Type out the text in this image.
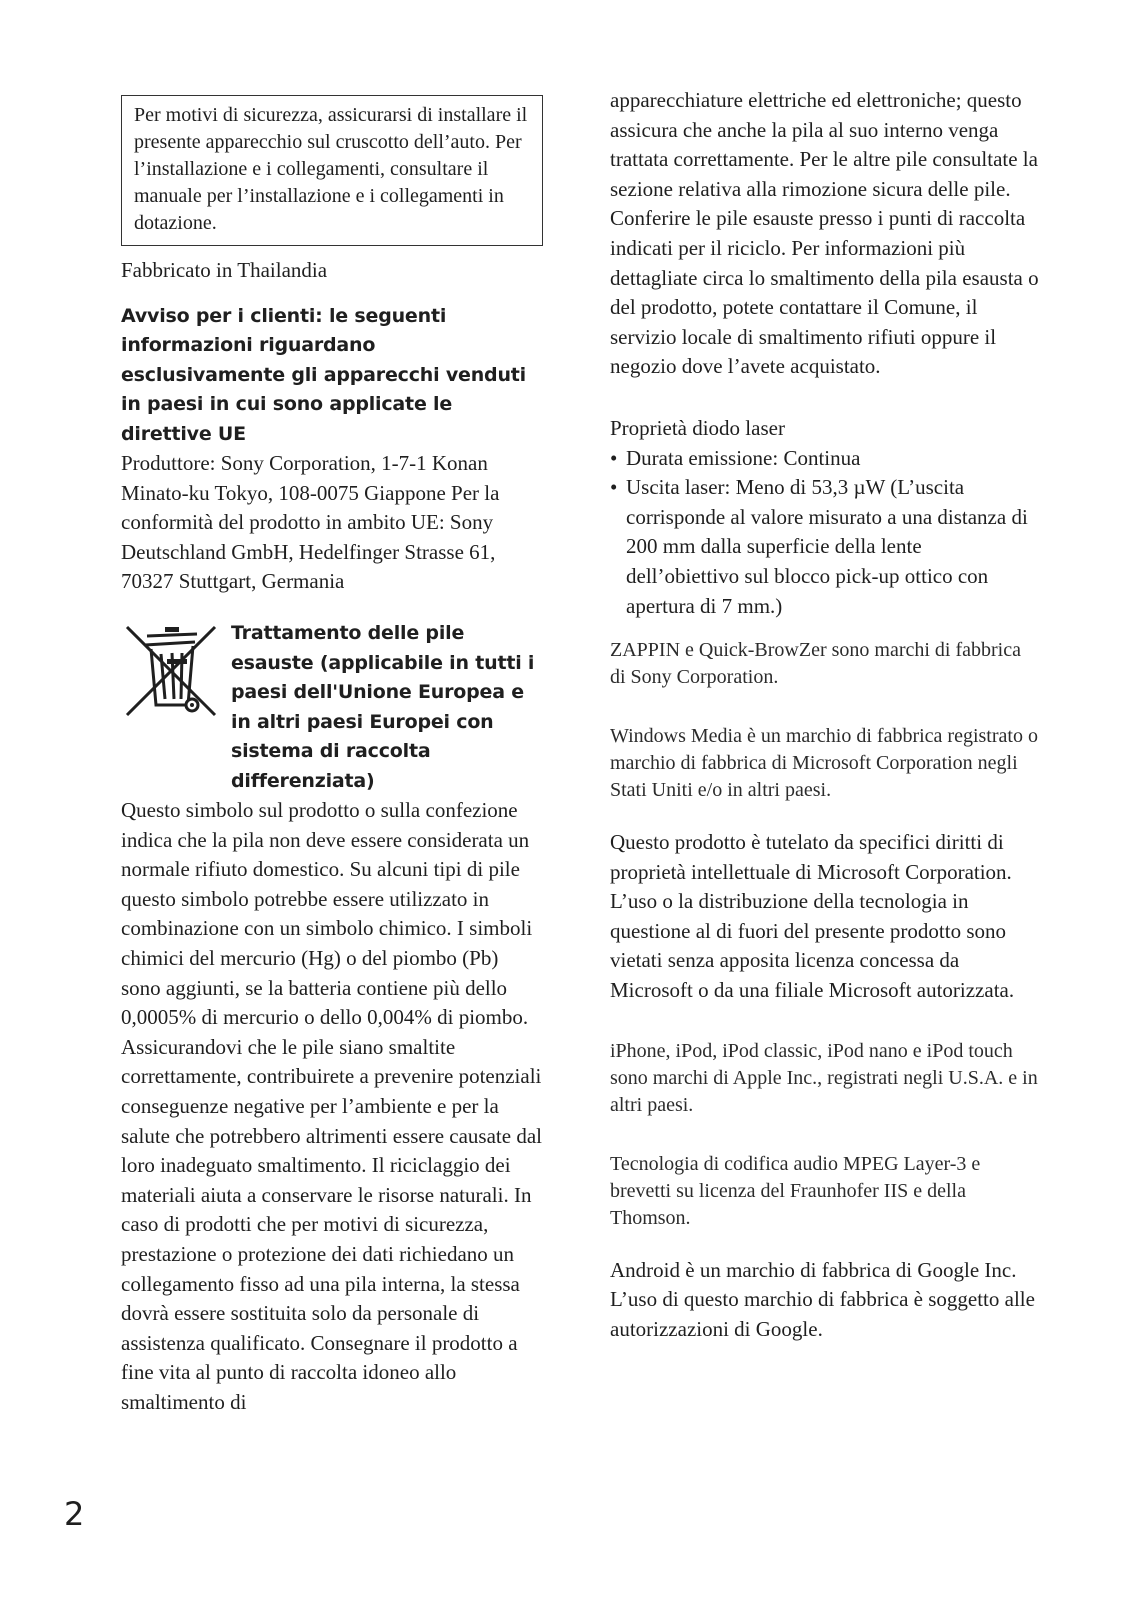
Per motivi di sicurezza, assicurarsi di installare il presente apparecchio sul cruscotto dell’auto. Per l’installazione e i collegamenti, consultare il manuale per l’installazione e i collegamenti in dotazione.

Fabbricato in Thailandia

Avviso per i clienti: le seguenti informazioni riguardano esclusivamente gli apparecchi venduti in paesi in cui sono applicate le direttive UE

Produttore: Sony Corporation, 1-7-1 Konan Minato-ku Tokyo, 108-0075 Giappone Per la conformità del prodotto in ambito UE: Sony Deutschland GmbH, Hedelfinger Strasse 61, 70327 Stuttgart, Germania

Trattamento delle pile esauste (applicabile in tutti i paesi dell'Unione Europea e in altri paesi Europei con sistema di raccolta differenziata)

Questo simbolo sul prodotto o sulla confezione indica che la pila non deve essere considerata un normale rifiuto domestico. Su alcuni tipi di pile questo simbolo potrebbe essere utilizzato in combinazione con un simbolo chimico. I simboli chimici del mercurio (Hg) o del piombo (Pb) sono aggiunti, se la batteria contiene più dello 0,0005% di mercurio o dello 0,004% di piombo. Assicurandovi che le pile siano smaltite correttamente, contribuirete a prevenire potenziali conseguenze negative per l’ambiente e per la salute che potrebbero altrimenti essere causate dal loro inadeguato smaltimento. Il riciclaggio dei materiali aiuta a conservare le risorse naturali. In caso di prodotti che per motivi di sicurezza, prestazione o protezione dei dati richiedano un collegamento fisso ad una pila interna, la stessa dovrà essere sostituita solo da personale di assistenza qualificato. Consegnare il prodotto a fine vita al punto di raccolta idoneo allo smaltimento di

apparecchiature elettriche ed elettroniche; questo assicura che anche la pila al suo interno venga trattata correttamente. Per le altre pile consultate la sezione relativa alla rimozione sicura delle pile. Conferire le pile esauste presso i punti di raccolta indicati per il riciclo. Per informazioni più dettagliate circa lo smaltimento della pila esausta o del prodotto, potete contattare il Comune, il servizio locale di smaltimento rifiuti oppure il negozio dove l’avete acquistato.

Proprietà diodo laser

• Durata emissione: Continua
• Uscita laser: Meno di 53,3 µW (L’uscita corrisponde al valore misurato a una distanza di 200 mm dalla superficie della lente dell’obiettivo sul blocco pick-up ottico con apertura di 7 mm.)

ZAPPIN e Quick-BrowZer sono marchi di fabbrica di Sony Corporation.

Windows Media è un marchio di fabbrica registrato o marchio di fabbrica di Microsoft Corporation negli Stati Uniti e/o in altri paesi.

Questo prodotto è tutelato da specifici diritti di proprietà intellettuale di Microsoft Corporation. L’uso o la distribuzione della tecnologia in questione al di fuori del presente prodotto sono vietati senza apposita licenza concessa da Microsoft o da una filiale Microsoft autorizzata.

iPhone, iPod, iPod classic, iPod nano e iPod touch sono marchi di Apple Inc., registrati negli U.S.A. e in altri paesi.

Tecnologia di codifica audio MPEG Layer-3 e brevetti su licenza del Fraunhofer IIS e della Thomson.

Android è un marchio di fabbrica di Google Inc. L’uso di questo marchio di fabbrica è soggetto alle autorizzazioni di Google.

2
